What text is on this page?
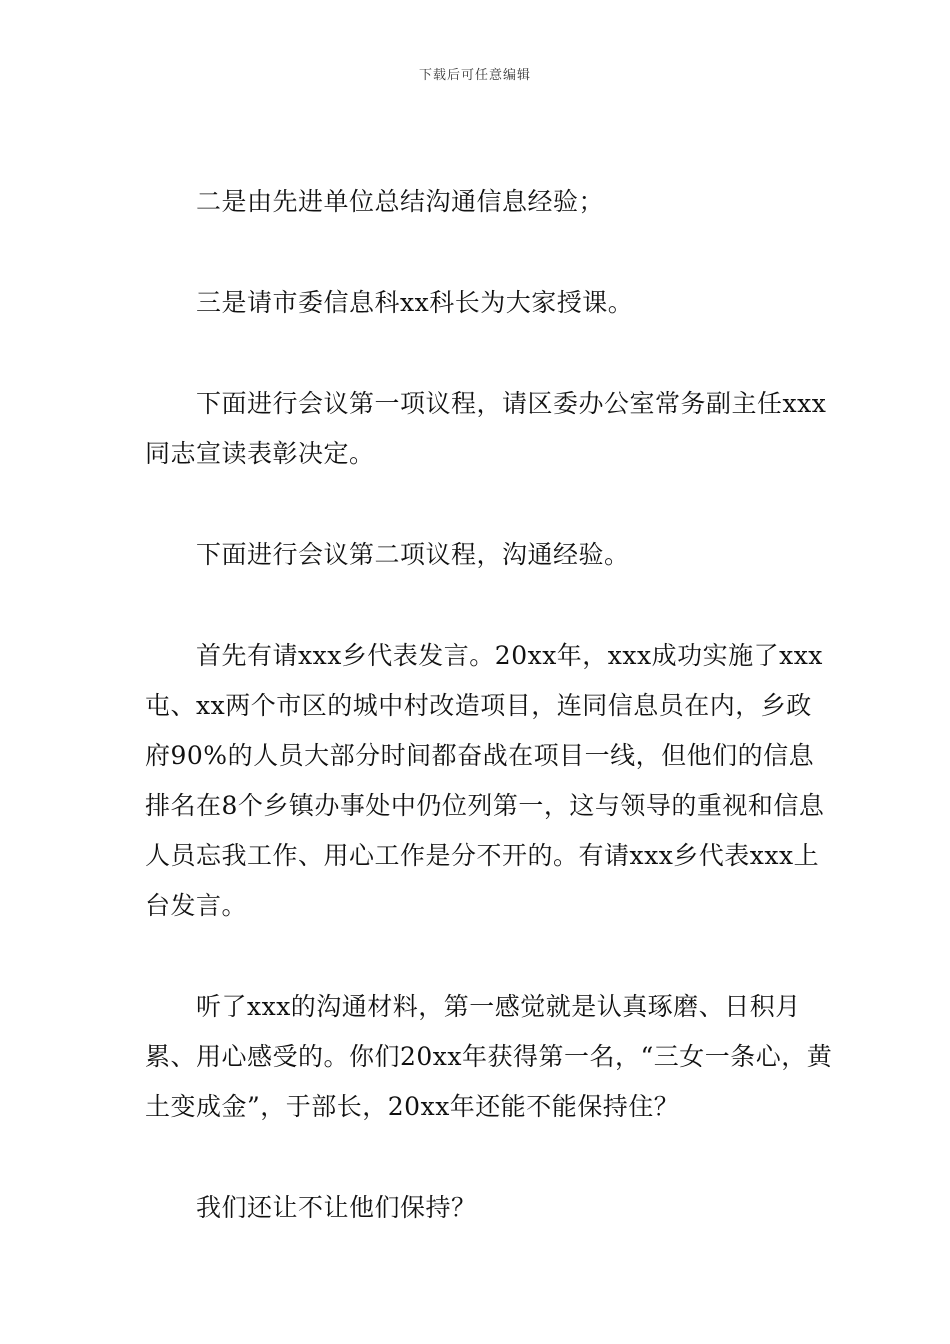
下载后可任意编辑

二是由先进单位总结沟通信息经验；

三是请市委信息科xx科长为大家授课。

下面进行会议第一项议程，请区委办公室常务副主任xxx同志宣读表彰决定。

下面进行会议第二项议程，沟通经验。

首先有请xxx乡代表发言。20xx年，xxx成功实施了xxx屯、xx两个市区的城中村改造项目，连同信息员在内，乡政府90%的人员大部分时间都奋战在项目一线，但他们的信息排名在8个乡镇办事处中仍位列第一，这与领导的重视和信息人员忘我工作、用心工作是分不开的。有请xxx乡代表xxx上台发言。

听了xxx的沟通材料，第一感觉就是认真琢磨、日积月累、用心感受的。你们20xx年获得第一名，“三女一条心，黄土变成金”，于部长，20xx年还能不能保持住？

我们还让不让他们保持？
